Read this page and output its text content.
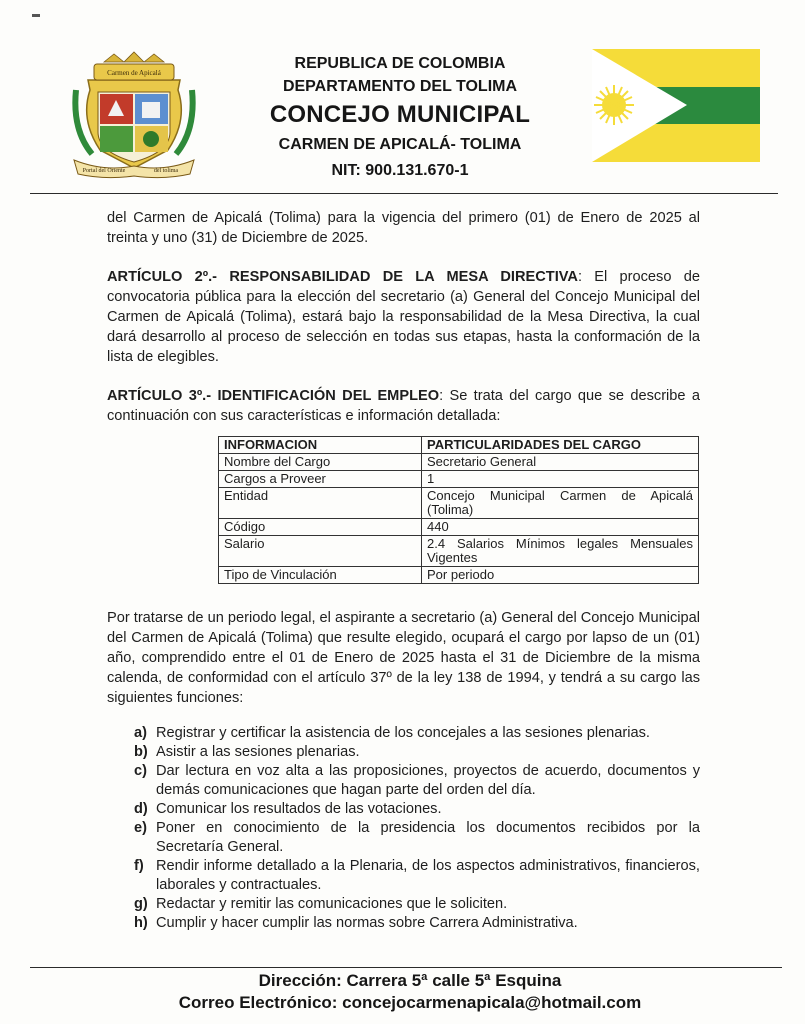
Carmen de Apicalá
Portal del Oriente	del tolima
REPUBLICA DE COLOMBIA
DEPARTAMENTO DEL TOLIMA
CONCEJO MUNICIPAL
CARMEN DE APICALÁ- TOLIMA
NIT: 900.131.670-1

del Carmen de Apicalá (Tolima) para la vigencia del primero (01) de Enero de 2025 al treinta y uno (31) de Diciembre de 2025.

ARTÍCULO 2º.- RESPONSABILIDAD DE LA MESA DIRECTIVA: El proceso de convocatoria pública para la elección del secretario (a) General del Concejo Municipal del Carmen de Apicalá (Tolima), estará bajo la responsabilidad de la Mesa Directiva, la cual dará desarrollo al proceso de selección en todas sus etapas, hasta la conformación de la lista de elegibles.

ARTÍCULO 3º.- IDENTIFICACIÓN DEL EMPLEO: Se trata del cargo que se describe a continuación con sus características e información detallada:

INFORMACION	PARTICULARIDADES DEL CARGO
Nombre del Cargo	Secretario General
Cargos a Proveer	1
Entidad	Concejo Municipal Carmen de Apicalá (Tolima)
Código	440
Salario	2.4 Salarios Mínimos legales Mensuales Vigentes
Tipo de Vinculación	Por periodo

Por tratarse de un periodo legal, el aspirante a secretario (a) General del Concejo Municipal del Carmen de Apicalá (Tolima) que resulte elegido, ocupará el cargo por lapso de un (01) año, comprendido entre el 01 de Enero de 2025 hasta el 31 de Diciembre de la misma calenda, de conformidad con el artículo 37º de la ley 138 de 1994, y tendrá a su cargo las siguientes funciones:

a) Registrar y certificar la asistencia de los concejales a las sesiones plenarias.
b) Asistir a las sesiones plenarias.
c) Dar lectura en voz alta a las proposiciones, proyectos de acuerdo, documentos y demás comunicaciones que hagan parte del orden del día.
d) Comunicar los resultados de las votaciones.
e) Poner en conocimiento de la presidencia los documentos recibidos por la Secretaría General.
f) Rendir informe detallado a la Plenaria, de los aspectos administrativos, financieros, laborales y contractuales.
g) Redactar y remitir las comunicaciones que le soliciten.
h) Cumplir y hacer cumplir las normas sobre Carrera Administrativa.
Dirección: Carrera 5ª calle 5ª Esquina
Correo Electrónico: concejocarmenapicala@hotmail.com
